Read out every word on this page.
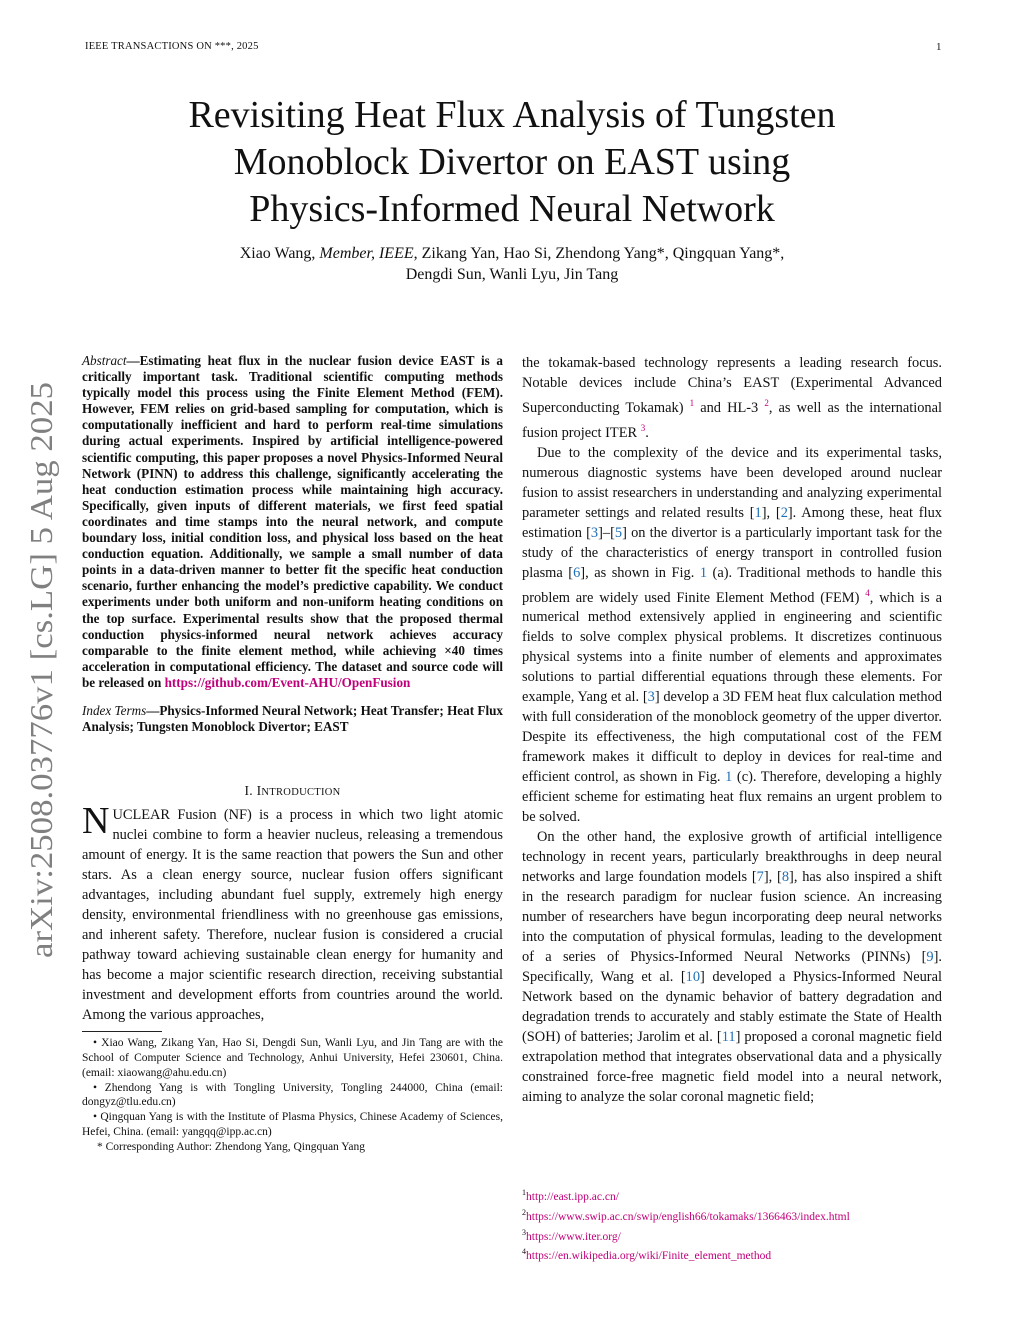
IEEE TRANSACTIONS ON ***, 2025	1
arXiv:2508.03776v1 [cs.LG] 5 Aug 2025
Revisiting Heat Flux Analysis of Tungsten
Monoblock Divertor on EAST using
Physics-Informed Neural Network
Xiao Wang, Member, IEEE, Zikang Yan, Hao Si, Zhendong Yang*, Qingquan Yang*,
Dengdi Sun, Wanli Lyu, Jin Tang

Abstract—Estimating heat flux in the nuclear fusion device EAST is a critically important task. Traditional scientific computing methods typically model this process using the Finite Element Method (FEM). However, FEM relies on grid-based sampling for computation, which is computationally inefficient and hard to perform real-time simulations during actual experiments. Inspired by artificial intelligence-powered scientific computing, this paper proposes a novel Physics-Informed Neural Network (PINN) to address this challenge, significantly accelerating the heat conduction estimation process while maintaining high accuracy. Specifically, given inputs of different materials, we first feed spatial coordinates and time stamps into the neural network, and compute boundary loss, initial condition loss, and physical loss based on the heat conduction equation. Additionally, we sample a small number of data points in a data-driven manner to better fit the specific heat conduction scenario, further enhancing the model’s predictive capability. We conduct experiments under both uniform and non-uniform heating conditions on the top surface. Experimental results show that the proposed thermal conduction physics-informed neural network achieves accuracy comparable to the finite element method, while achieving ×40 times acceleration in computational efficiency. The dataset and source code will be released on https://github.com/Event-AHU/OpenFusion

Index Terms—Physics-Informed Neural Network; Heat Transfer; Heat Flux Analysis; Tungsten Monoblock Divertor; EAST

I. INTRODUCTION

NUCLEAR Fusion (NF) is a process in which two light atomic nuclei combine to form a heavier nucleus, releasing a tremendous amount of energy. It is the same reaction that powers the Sun and other stars. As a clean energy source, nuclear fusion offers significant advantages, including abundant fuel supply, extremely high energy density, environmental friendliness with no greenhouse gas emissions, and inherent safety. Therefore, nuclear fusion is considered a crucial pathway toward achieving sustainable clean energy for humanity and has become a major scientific research direction, receiving substantial investment and development efforts from countries around the world. Among the various approaches,

• Xiao Wang, Zikang Yan, Hao Si, Dengdi Sun, Wanli Lyu, and Jin Tang are with the School of Computer Science and Technology, Anhui University, Hefei 230601, China. (email: xiaowang@ahu.edu.cn)

• Zhendong Yang is with Tongling University, Tongling 244000, China (email: dongyz@tlu.edu.cn)

• Qingquan Yang is with the Institute of Plasma Physics, Chinese Academy of Sciences, Hefei, China. (email: yangqq@ipp.ac.cn)

* Corresponding Author: Zhendong Yang, Qingquan Yang

the tokamak-based technology represents a leading research focus. Notable devices include China’s EAST (Experimental Advanced Superconducting Tokamak) $^1$ and HL-3 $^2$, as well as the international fusion project ITER $^3$.

Due to the complexity of the device and its experimental tasks, numerous diagnostic systems have been developed around nuclear fusion to assist researchers in understanding and analyzing experimental parameter settings and related results [1], [2]. Among these, heat flux estimation [3]–[5] on the divertor is a particularly important task for the study of the characteristics of energy transport in controlled fusion plasma [6], as shown in Fig. 1 (a). Traditional methods to handle this problem are widely used Finite Element Method (FEM) $^4$, which is a numerical method extensively applied in engineering and scientific fields to solve complex physical problems. It discretizes continuous physical systems into a finite number of elements and approximates solutions to partial differential equations through these elements. For example, Yang et al. [3] develop a 3D FEM heat flux calculation method with full consideration of the monoblock geometry of the upper divertor. Despite its effectiveness, the high computational cost of the FEM framework makes it difficult to deploy in devices for real-time and efficient control, as shown in Fig. 1 (c). Therefore, developing a highly efficient scheme for estimating heat flux remains an urgent problem to be solved.

On the other hand, the explosive growth of artificial intelligence technology in recent years, particularly breakthroughs in deep neural networks and large foundation models [7], [8], has also inspired a shift in the research paradigm for nuclear fusion science. An increasing number of researchers have begun incorporating deep neural networks into the computation of physical formulas, leading to the development of a series of Physics-Informed Neural Networks (PINNs) [9]. Specifically, Wang et al. [10] developed a Physics-Informed Neural Network based on the dynamic behavior of battery degradation and degradation trends to accurately and stably estimate the State of Health (SOH) of batteries; Jarolim et al. [11] proposed a coronal magnetic field extrapolation method that integrates observational data and a physically constrained force-free magnetic field model into a neural network, aiming to analyze the solar coronal magnetic field;

$^1$http://east.ipp.ac.cn/

$^2$https://www.swip.ac.cn/swip/english66/tokamaks/1366463/index.html

$^3$https://www.iter.org/

$^4$https://en.wikipedia.org/wiki/Finite_element_method
